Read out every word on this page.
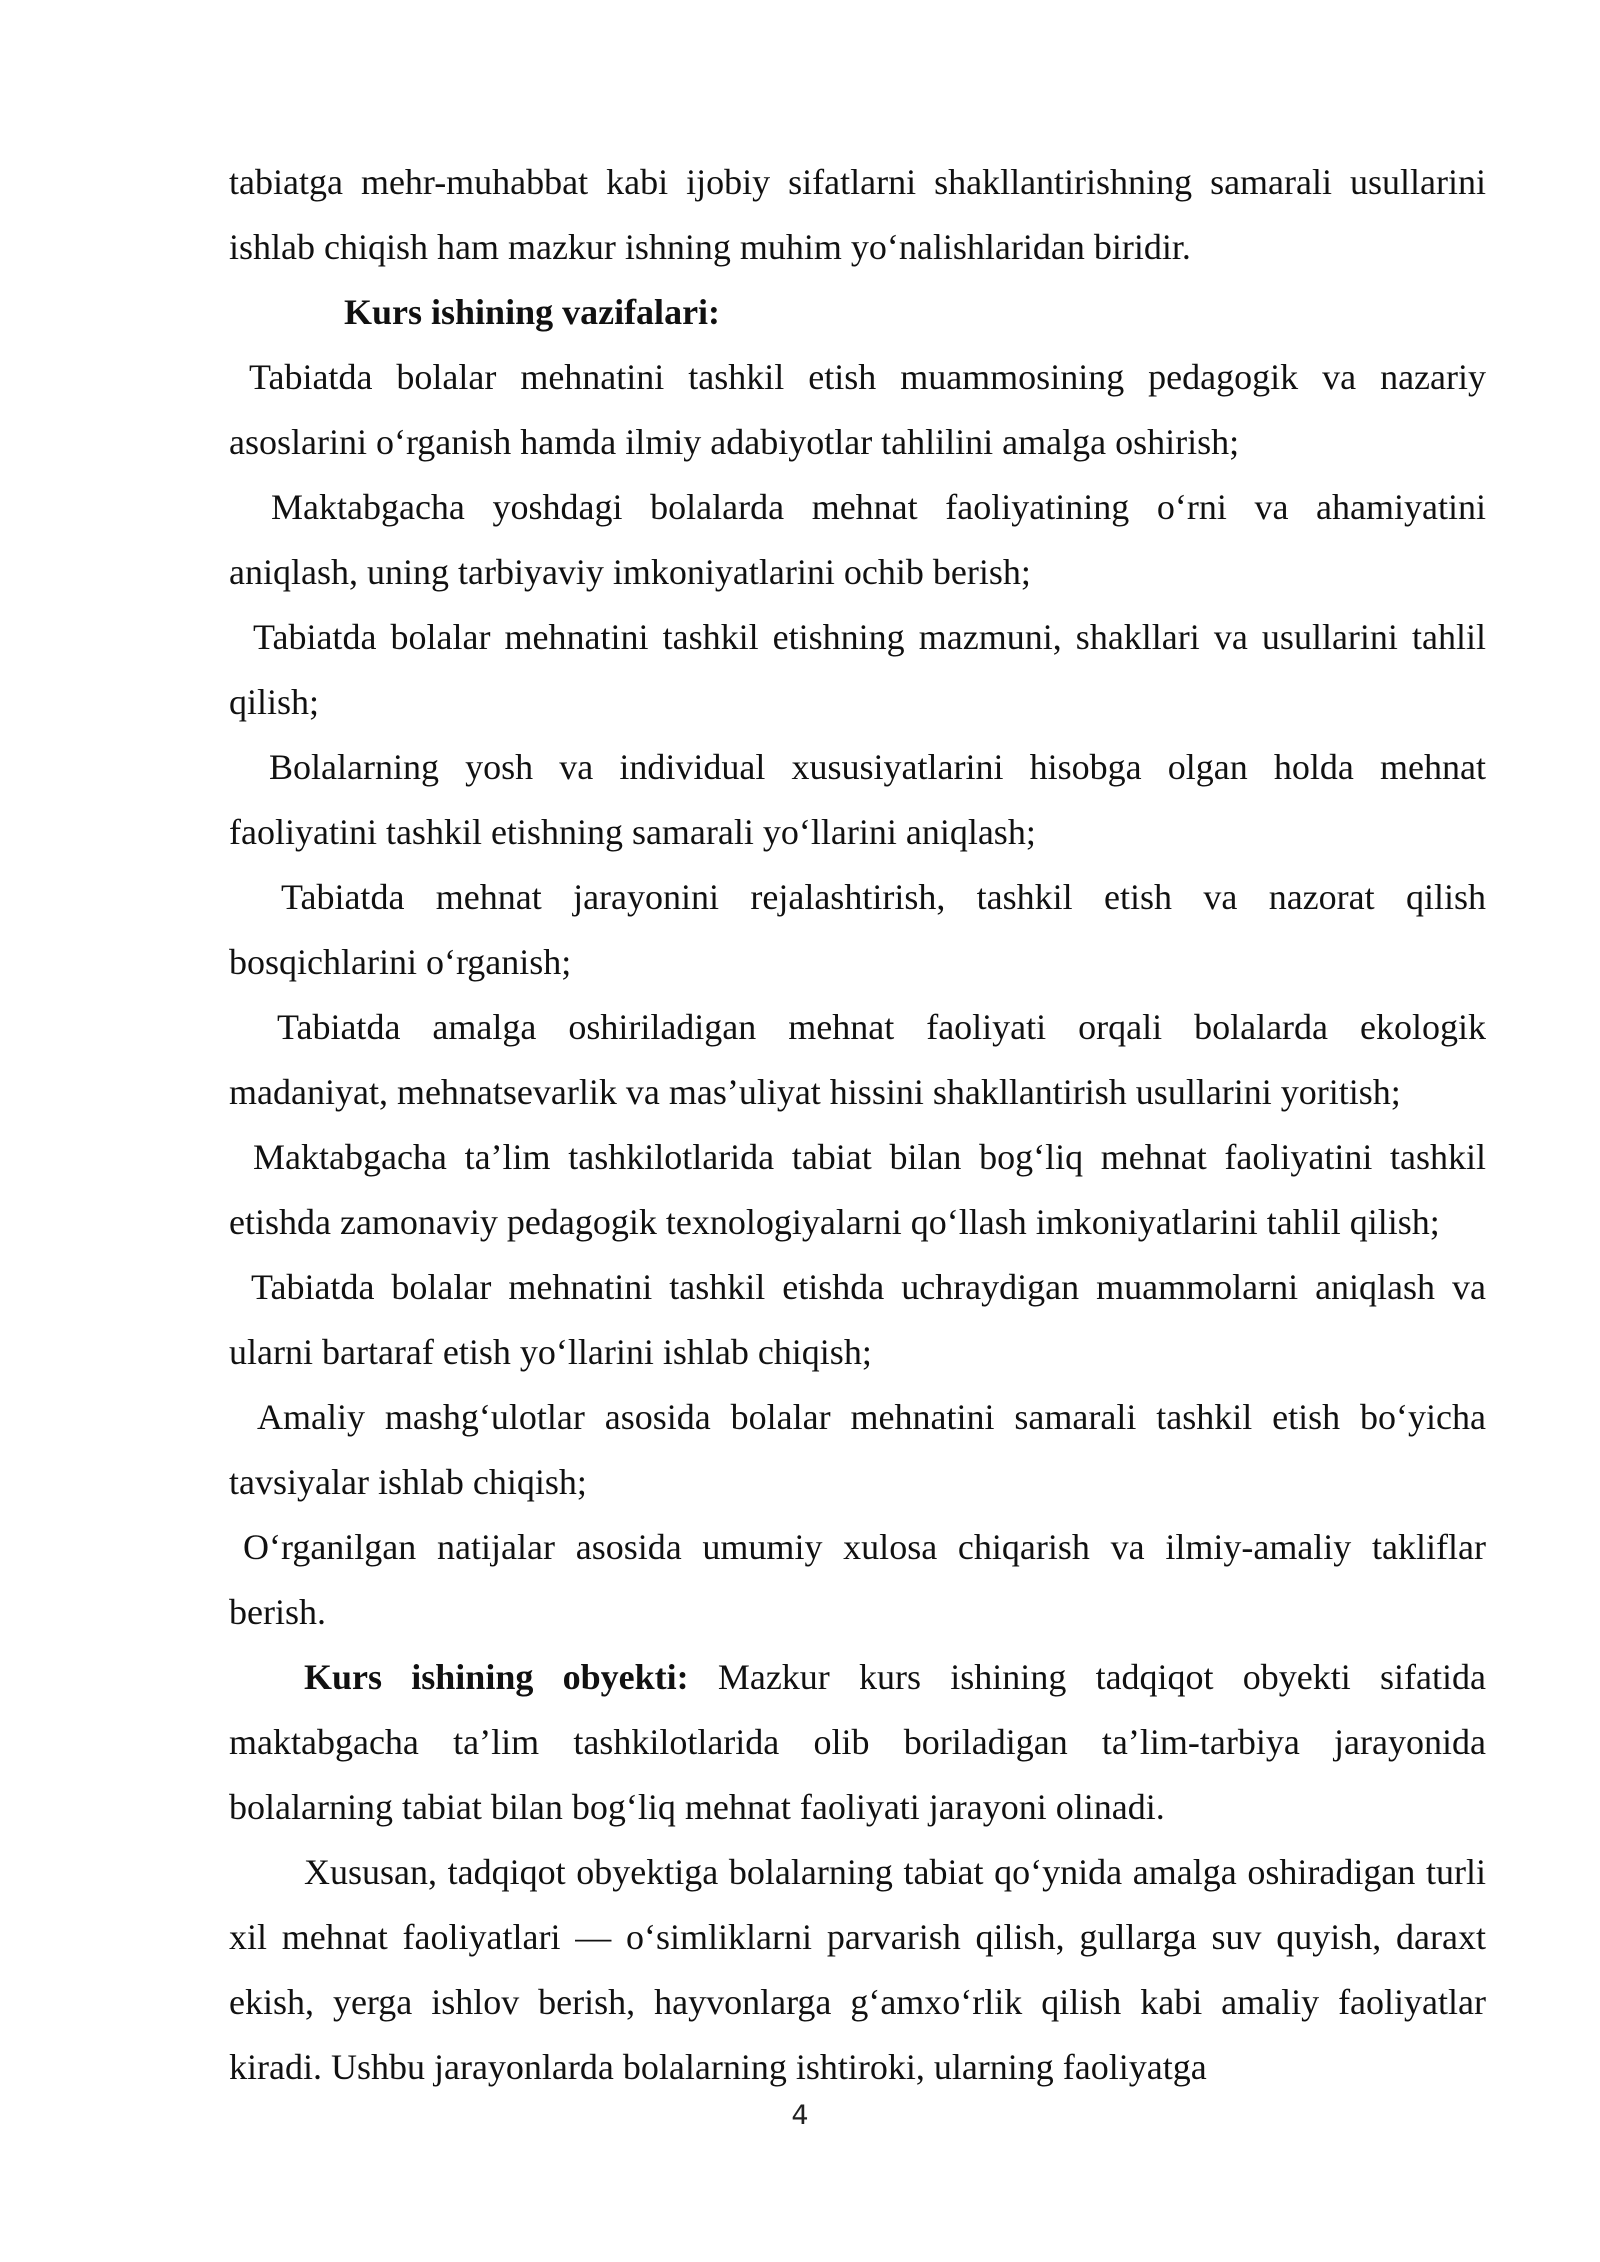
tabiatga mehr-muhabbat kabi ijobiy sifatlarni shakllantirishning samarali usullarini ishlab chiqish ham mazkur ishning muhim yo‘nalishlaridan biridir.

Kurs ishining vazifalari:

Tabiatda bolalar mehnatini tashkil etish muammosining pedagogik va nazariy asoslarini o‘rganish hamda ilmiy adabiyotlar tahlilini amalga oshirish;

Maktabgacha yoshdagi bolalarda mehnat faoliyatining o‘rni va ahamiyatini aniqlash, uning tarbiyaviy imkoniyatlarini ochib berish;

Tabiatda bolalar mehnatini tashkil etishning mazmuni, shakllari va usullarini tahlil qilish;

Bolalarning yosh va individual xususiyatlarini hisobga olgan holda mehnat faoliyatini tashkil etishning samarali yo‘llarini aniqlash;

Tabiatda mehnat jarayonini rejalashtirish, tashkil etish va nazorat qilish bosqichlarini o‘rganish;

Tabiatda amalga oshiriladigan mehnat faoliyati orqali bolalarda ekologik madaniyat, mehnatsevarlik va mas’uliyat hissini shakllantirish usullarini yoritish;

Maktabgacha ta’lim tashkilotlarida tabiat bilan bog‘liq mehnat faoliyatini tashkil etishda zamonaviy pedagogik texnologiyalarni qo‘llash imkoniyatlarini tahlil qilish;

Tabiatda bolalar mehnatini tashkil etishda uchraydigan muammolarni aniqlash va ularni bartaraf etish yo‘llarini ishlab chiqish;

Amaliy mashg‘ulotlar asosida bolalar mehnatini samarali tashkil etish bo‘yicha tavsiyalar ishlab chiqish;

O‘rganilgan natijalar asosida umumiy xulosa chiqarish va ilmiy-amaliy takliflar berish.

Kurs ishining obyekti: Mazkur kurs ishining tadqiqot obyekti sifatida maktabgacha ta’lim tashkilotlarida olib boriladigan ta’lim-tarbiya jarayonida bolalarning tabiat bilan bog‘liq mehnat faoliyati jarayoni olinadi.

Xususan, tadqiqot obyektiga bolalarning tabiat qo‘ynida amalga oshiradigan turli xil mehnat faoliyatlari — o‘simliklarni parvarish qilish, gullarga suv quyish, daraxt ekish, yerga ishlov berish, hayvonlarga g‘amxo‘rlik qilish kabi amaliy faoliyatlar kiradi. Ushbu jarayonlarda bolalarning ishtiroki, ularning faoliyatga

4
